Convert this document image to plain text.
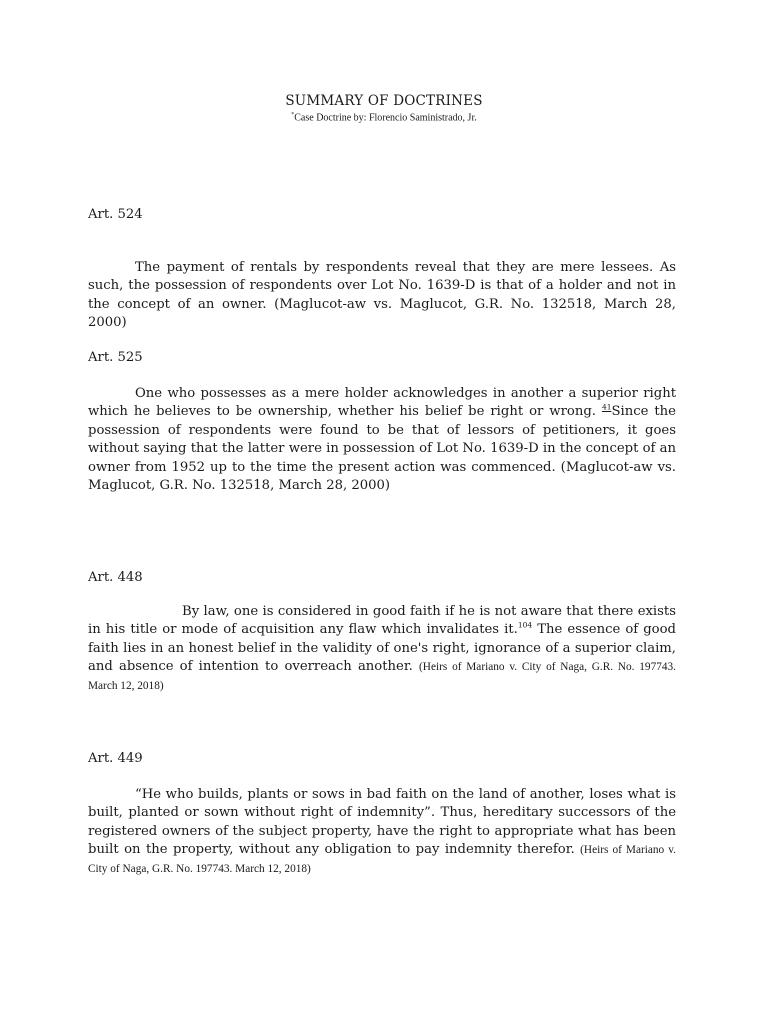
SUMMARY OF DOCTRINES
*Case Doctrine by: Florencio Saministrado, Jr.
Art. 524
The payment of rentals by respondents reveal that they are mere lessees. As such, the possession of respondents over Lot No. 1639-D is that of a holder and not in the concept of an owner. (Maglucot-aw vs. Maglucot, G.R. No. 132518, March 28, 2000)
Art. 525
One who possesses as a mere holder acknowledges in another a superior right which he believes to be ownership, whether his belief be right or wrong. $^{41}$Since the possession of respondents were found to be that of lessors of petitioners, it goes without saying that the latter were in possession of Lot No. 1639-D in the concept of an owner from 1952 up to the time the present action was commenced. (Maglucot-aw vs. Maglucot, G.R. No. 132518, March 28, 2000)
Art. 448
By law, one is considered in good faith if he is not aware that there exists in his title or mode of acquisition any flaw which invalidates it.$^{104}$ The essence of good faith lies in an honest belief in the validity of one's right, ignorance of a superior claim, and absence of intention to overreach another. (Heirs of Mariano v. City of Naga, G.R. No. 197743. March 12, 2018)
Art. 449
“He who builds, plants or sows in bad faith on the land of another, loses what is built, planted or sown without right of indemnity”. Thus, hereditary successors of the registered owners of the subject property, have the right to appropriate what has been built on the property, without any obligation to pay indemnity therefor. (Heirs of Mariano v. City of Naga, G.R. No. 197743. March 12, 2018)
